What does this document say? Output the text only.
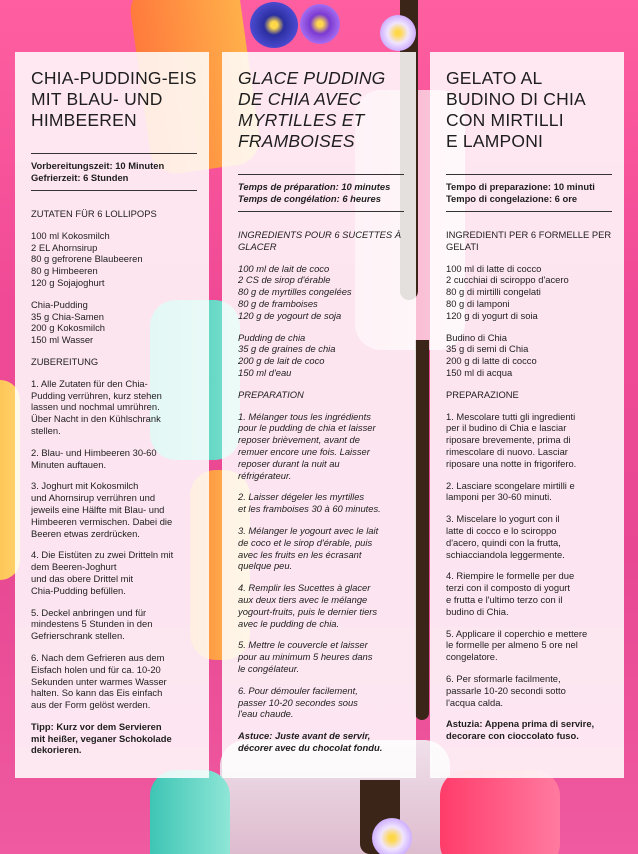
CHIA-PUDDING-EIS
MIT BLAU- UND
HIMBEEREN
Vorbereitungszeit: 10 Minuten
Gefrierzeit: 6 Stunden
ZUTATEN FÜR 6 LOLLIPOPS
100 ml Kokosmilch
2 EL Ahornsirup
80 g gefrorene Blaubeeren
80 g Himbeeren
120 g Sojajoghurt
Chia-Pudding
35 g Chia-Samen
200 g Kokosmilch
150 ml Wasser
ZUBEREITUNG
1. Alle Zutaten für den Chia-
Pudding verrühren, kurz stehen
lassen und nochmal umrühren.
Über Nacht in den Kühlschrank
stellen.
2. Blau- und Himbeeren 30-60
Minuten auftauen.
3. Joghurt mit Kokosmilch
und Ahornsirup verrühren und
jeweils eine Hälfte mit Blau- und
Himbeeren vermischen. Dabei die
Beeren etwas zerdrücken.
4. Die Eistüten zu zwei Dritteln mit
dem Beeren-Joghurt
und das obere Drittel mit
Chia-Pudding befüllen.
5. Deckel anbringen und für
mindestens 5 Stunden in den
Gefrierschrank stellen.
6. Nach dem Gefrieren aus dem
Eisfach holen und für ca. 10-20
Sekunden unter warmes Wasser
halten. So kann das Eis einfach
aus der Form gelöst werden.
Tipp: Kurz vor dem Servieren
mit heißer, veganer Schokolade
dekorieren.
GLACE PUDDING
DE CHIA AVEC
MYRTILLES ET
FRAMBOISES
Temps de préparation: 10 minutes
Temps de congélation: 6 heures
INGREDIENTS POUR 6 SUCETTES À GLACER
100 ml de lait de coco
2 CS de sirop d'érable
80 g de myrtilles congelées
80 g de framboises
120 g de yogourt de soja
Pudding de chia
35 g de graines de chia
200 g de lait de coco
150 ml d'eau
PREPARATION
1. Mélanger tous les ingrédients
pour le pudding de chia et laisser
reposer brièvement, avant de
remuer encore une fois. Laisser
reposer durant la nuit au
réfrigérateur.
2. Laisser dégeler les myrtilles
et les framboises 30 à 60 minutes.
3. Mélanger le yogourt avec le lait
de coco et le sirop d'érable, puis
avec les fruits en les écrasant
quelque peu.
4. Remplir les Sucettes à glacer
aux deux tiers avec le mélange
yogourt-fruits, puis le dernier tiers
avec le pudding de chia.
5. Mettre le couvercle et laisser
pour au minimum 5 heures dans
le congélateur.
6. Pour démouler facilement,
passer 10-20 secondes sous
l'eau chaude.
Astuce: Juste avant de servir,
décorer avec du chocolat fondu.
GELATO AL
BUDINO DI CHIA
CON MIRTILLI
E LAMPONI
Tempo di preparazione: 10 minuti
Tempo di congelazione: 6 ore
INGREDIENTI PER 6 FORMELLE PER GELATI
100 ml di latte di cocco
2 cucchiai di sciroppo d'acero
80 g di mirtilli congelati
80 g di lamponi
120 g di yogurt di soia
Budino di Chia
35 g di semi di Chia
200 g di latte di cocco
150 ml di acqua
PREPARAZIONE
1. Mescolare tutti gli ingredienti
per il budino di Chia e lasciar
riposare brevemente, prima di
rimescolare di nuovo. Lasciar
riposare una notte in frigorifero.
2. Lasciare scongelare mirtilli e
lamponi per 30-60 minuti.
3. Miscelare lo yogurt con il
latte di cocco e lo sciroppo
d'acero, quindi con la frutta,
schiacciandola leggermente.
4. Riempire le formelle per due
terzi con il composto di yogurt
e frutta e l'ultimo terzo con il
budino di Chia.
5. Applicare il coperchio e mettere
le formelle per almeno 5 ore nel
congelatore.
6. Per sformarle facilmente,
passarle 10-20 secondi sotto
l'acqua calda.
Astuzia: Appena prima di servire,
decorare con cioccolato fuso.
